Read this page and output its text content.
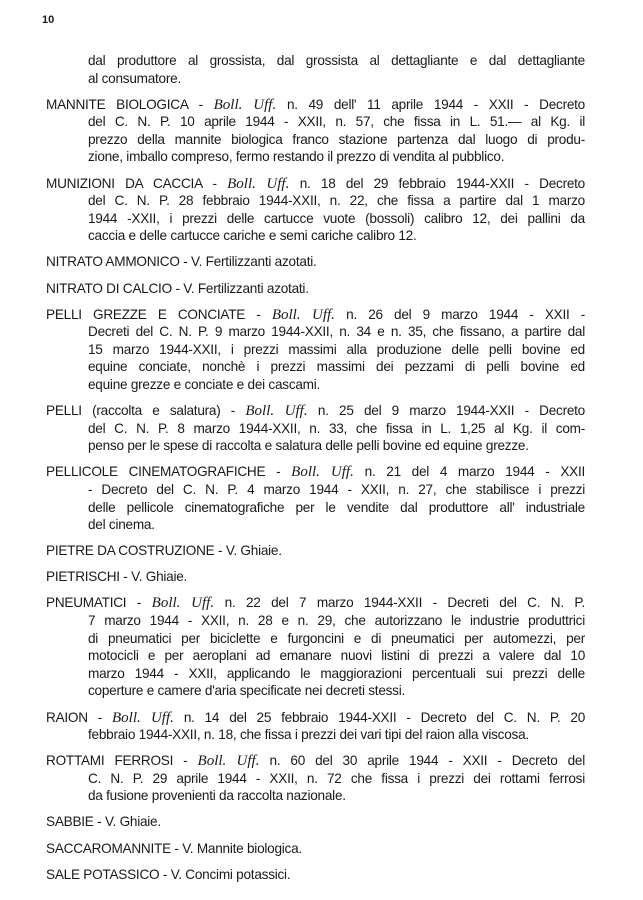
10
dal produttore al grossista, dal grossista al dettagliante e dal dettagliante
al consumatore.
MANNITE BIOLOGICA - Boll. Uff. n. 49 dell' 11 aprile 1944 - XXII - Decreto
del C. N. P. 10 aprile 1944 - XXII, n. 57, che fissa in L. 51.— al Kg. il
prezzo della mannite biologica franco stazione partenza dal luogo di produ-
zione, imballo compreso, fermo restando il prezzo di vendita al pubblico.
MUNIZIONI DA CACCIA - Boll. Uff. n. 18 del 29 febbraio 1944-XXII - Decreto
del C. N. P. 28 febbraio 1944-XXII, n. 22, che fissa a partire dal 1 marzo
1944 -XXII, i prezzi delle cartucce vuote (bossoli) calibro 12, dei pallini da
caccia e delle cartucce cariche e semi cariche calibro 12.
NITRATO AMMONICO - V. Fertilizzanti azotati.
NITRATO DI CALCIO - V. Fertilizzanti azotati.
PELLI GREZZE E CONCIATE - Boll. Uff. n. 26 del 9 marzo 1944 - XXII -
Decreti del C. N. P. 9 marzo 1944-XXII, n. 34 e n. 35, che fissano, a partire dal
15 marzo 1944-XXII, i prezzi massimi alla produzione delle pelli bovine ed
equine conciate, nonchè i prezzi massimi dei pezzami di pelli bovine ed
equine grezze e conciate e dei cascami.
PELLI (raccolta e salatura) - Boll. Uff. n. 25 del 9 marzo 1944-XXII - Decreto
del C. N. P. 8 marzo 1944-XXII, n. 33, che fissa in L. 1,25 al Kg. il com-
penso per le spese di raccolta e salatura delle pelli bovine ed equine grezze.
PELLICOLE CINEMATOGRAFICHE - Boll. Uff. n. 21 del 4 marzo 1944 - XXII
- Decreto del C. N. P. 4 marzo 1944 - XXII, n. 27, che stabilisce i prezzi
delle pellicole cinematografiche per le vendite dal produttore all' industriale
del cinema.
PIETRE DA COSTRUZIONE - V. Ghiaie.
PIETRISCHI - V. Ghiaie.
PNEUMATICI - Boll. Uff. n. 22 del 7 marzo 1944-XXII - Decreti del C. N. P.
7 marzo 1944 - XXII, n. 28 e n. 29, che autorizzano le industrie produttrici
di pneumatici per biciclette e furgoncini e di pneumatici per automezzi, per
motocicli e per aeroplani ad emanare nuovi listini di prezzi a valere dal 10
marzo 1944 - XXII, applicando le maggiorazioni percentuali sui prezzi delle
coperture e camere d'aria specificate nei decreti stessi.
RAION - Boll. Uff. n. 14 del 25 febbraio 1944-XXII - Decreto del C. N. P. 20
febbraio 1944-XXII, n. 18, che fissa i prezzi dei vari tipi del raion alla viscosa.
ROTTAMI FERROSI - Boll. Uff. n. 60 del 30 aprile 1944 - XXII - Decreto del
C. N. P. 29 aprile 1944 - XXII, n. 72 che fissa i prezzi dei rottami ferrosi
da fusione provenienti da raccolta nazionale.
SABBIE - V. Ghiaie.
SACCAROMANNITE - V. Mannite biologica.
SALE POTASSICO - V. Concimi potassici.
